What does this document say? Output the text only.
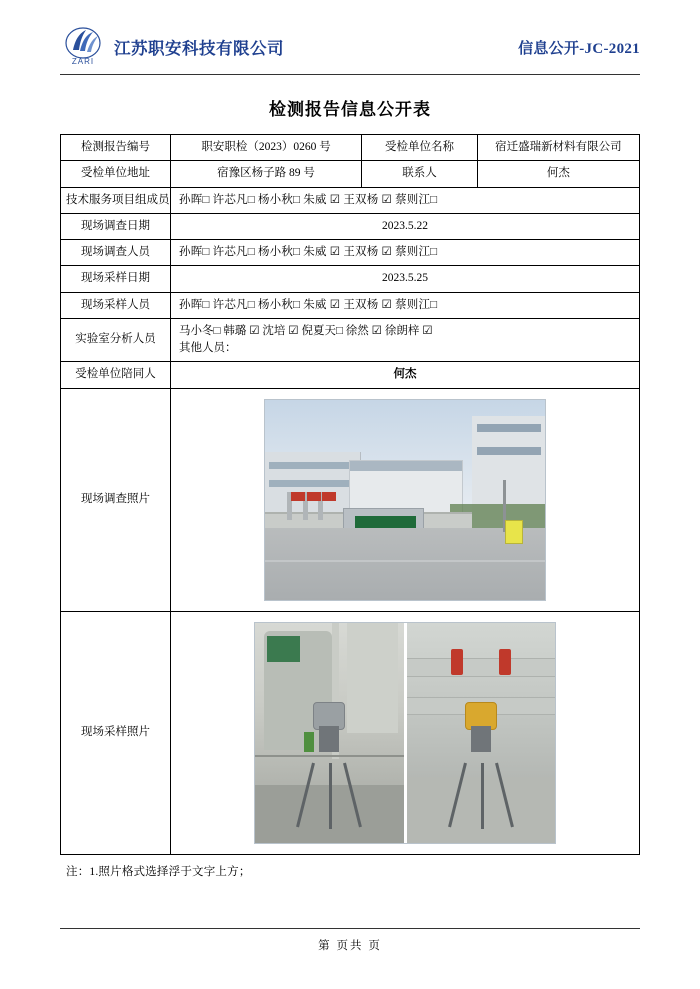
ZARI
江苏职安科技有限公司	信息公开-JC-2021
检测报告信息公开表
检测报告编号	职安职检（2023）0260 号	受检单位名称	宿迁盛瑞新材料有限公司
受检单位地址	宿豫区杨子路 89 号	联系人	何杰
技术服务项目组成员	孙晖□ 许芯凡□ 杨小秋□ 朱威 ☑ 王双杨 ☑ 蔡则江□		
现场调查日期	2023.5.22		
现场调查人员	孙晖□ 许芯凡□ 杨小秋□ 朱威 ☑ 王双杨 ☑ 蔡则江□		
现场采样日期	2023.5.25		
现场采样人员	孙晖□ 许芯凡□ 杨小秋□ 朱威 ☑ 王双杨 ☑ 蔡则江□		
实验室分析人员	马小冬□ 韩璐 ☑ 沈培 ☑ 倪夏天□ 徐然 ☑ 徐朗梓 ☑
其他人员：		

受检单位陪同人	何杰		
现场调查照片			

现场采样照片			
注：1.照片格式选择浮于文字上方；
第 页共 页
